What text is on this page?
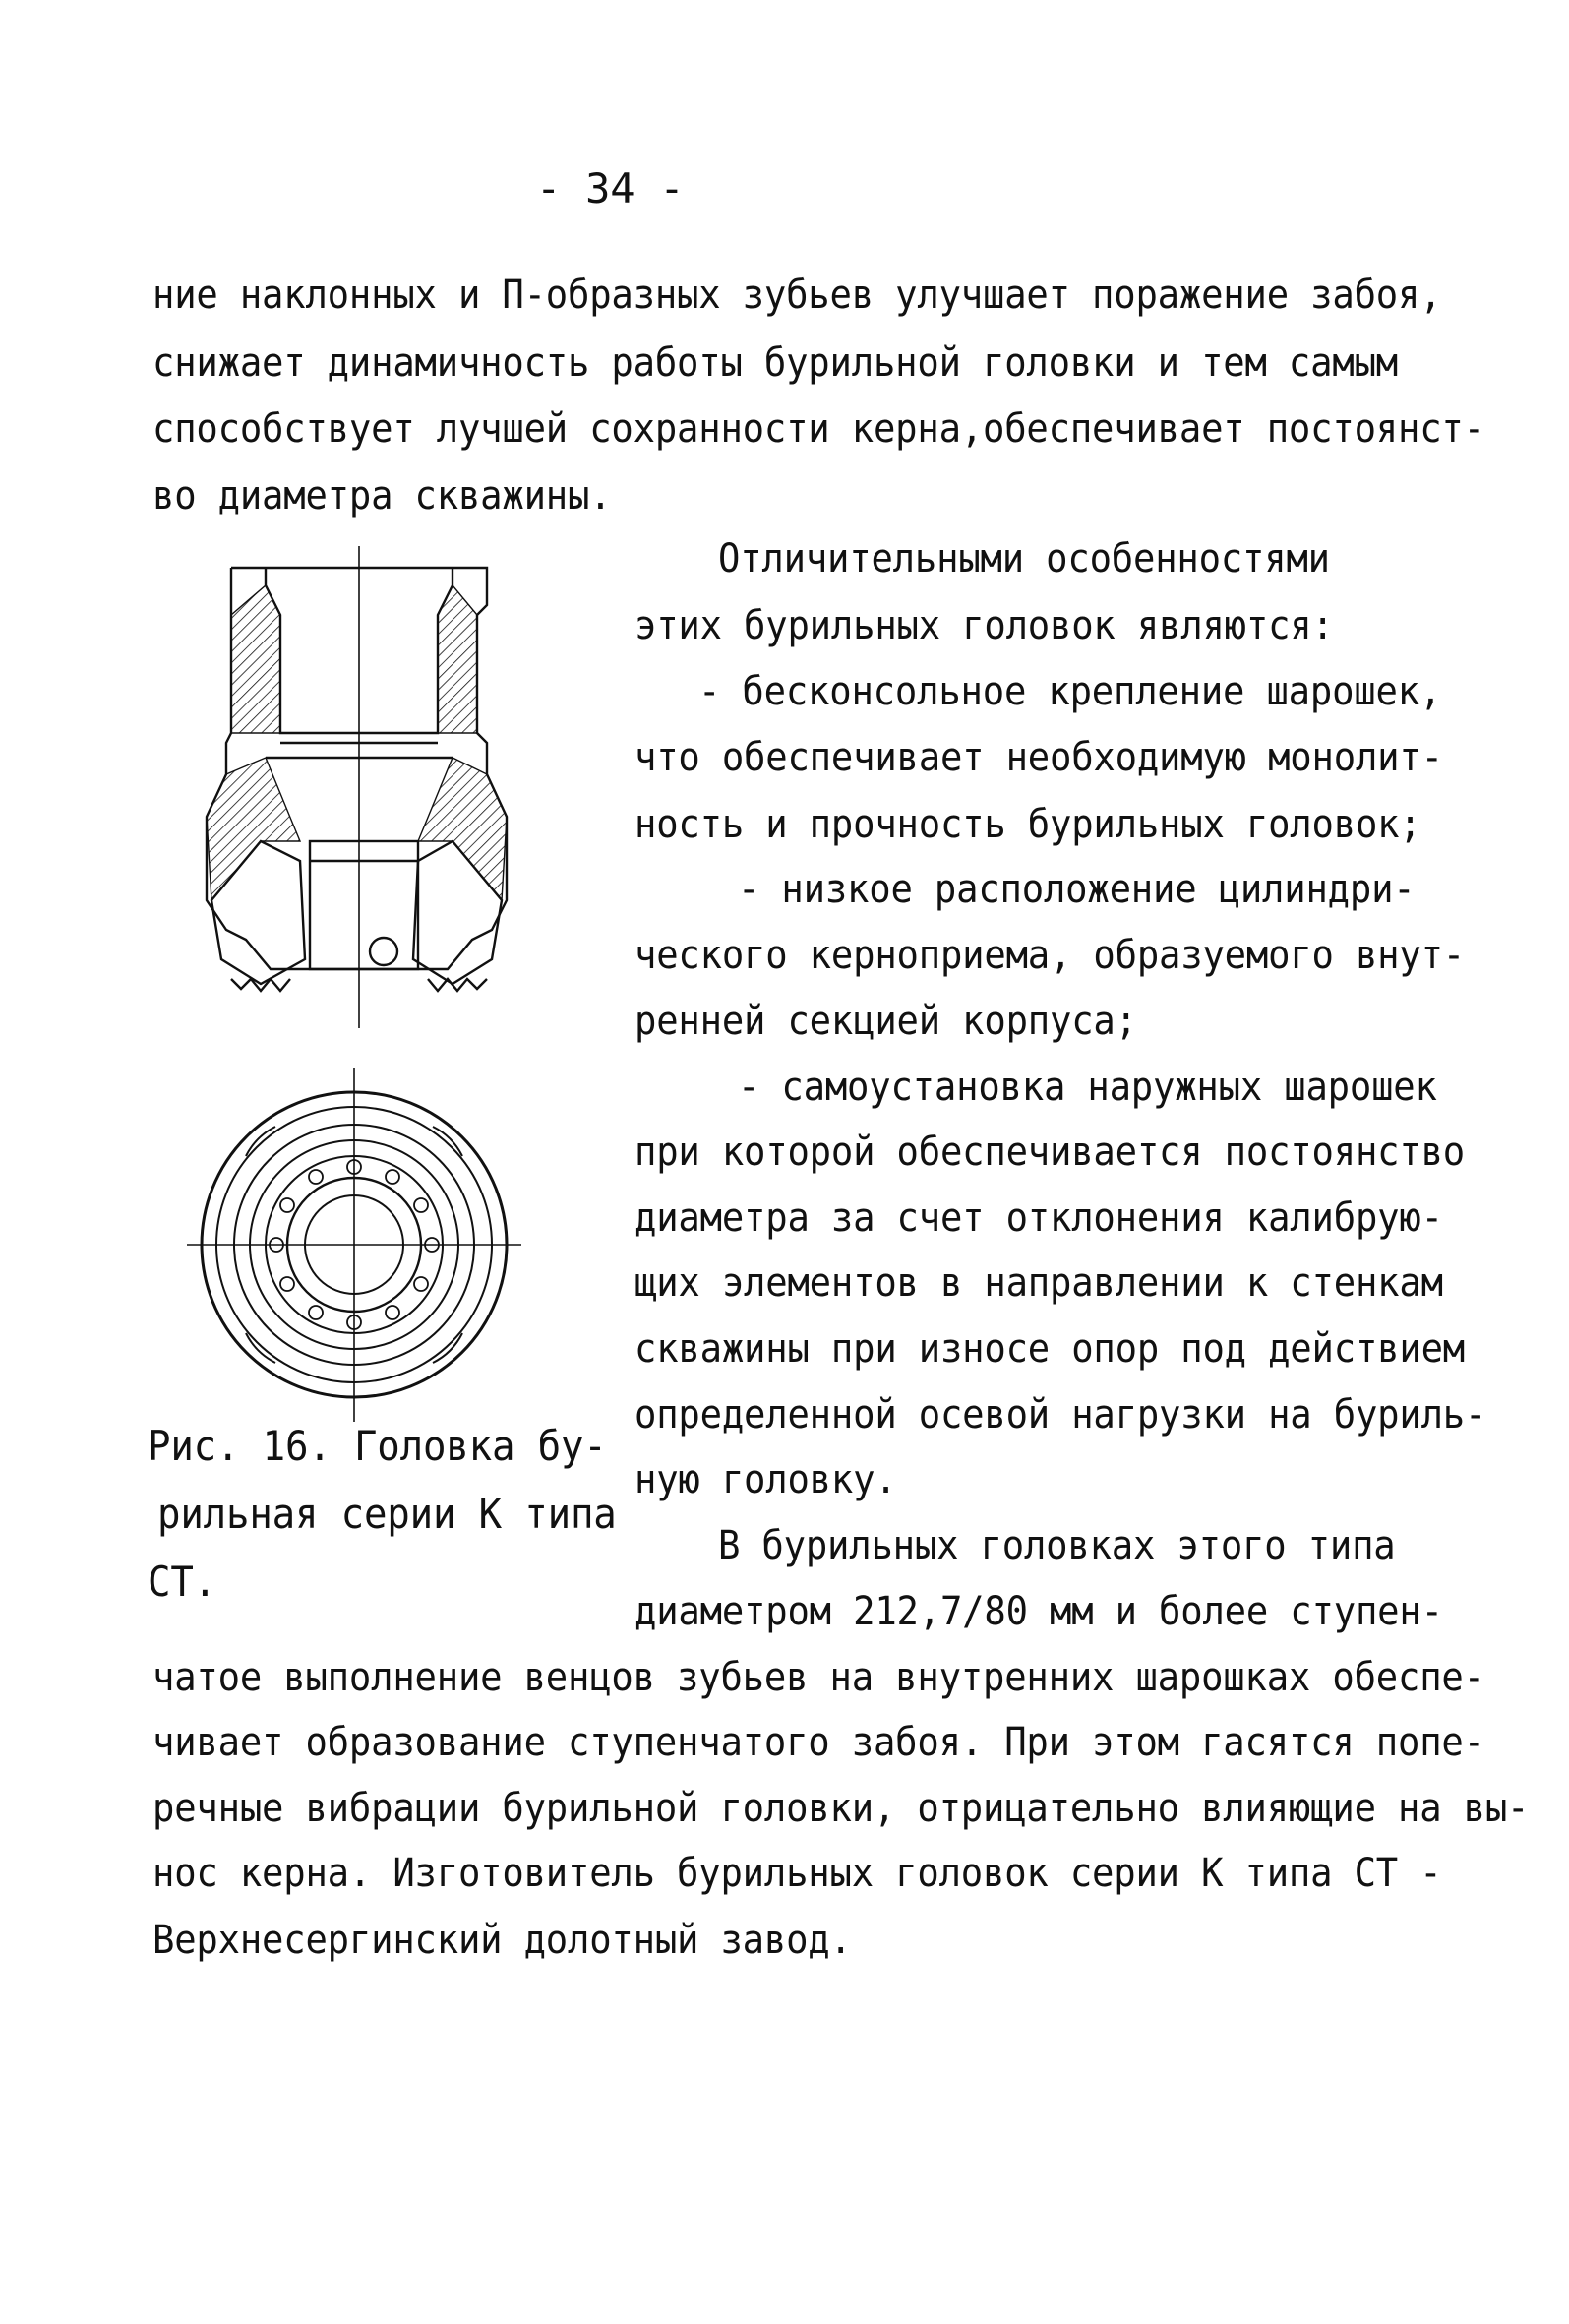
- 34 -
ние наклонных и П-образных зубьев улучшает поражение забоя,
снижает динамичность работы бурильной головки и тем самым
способствует лучшей сохранности керна,обеспечивает постоянст-
во диаметра скважины.
Отличительными особенностями
этих бурильных головок являются:
- бесконсольное крепление шарошек,
что обеспечивает необходимую монолит-
ность и прочность бурильных головок;
- низкое расположение цилиндри-
ческого керноприема, образуемого внут-
ренней секцией корпуса;
- самоустановка наружных шарошек
при которой обеспечивается постоянство
диаметра за счет отклонения калибрую-
щих элементов в направлении к стенкам
скважины при износе опор под действием
определенной осевой нагрузки на буриль-
ную головку.
В бурильных головках этого типа
диаметром 212,7/80 мм и более ступен-
чатое выполнение венцов зубьев на внутренних шарошках обеспе-
чивает образование ступенчатого забоя. При этом гасятся попе-
речные вибрации бурильной головки, отрицательно влияющие на вы-
нос керна. Изготовитель бурильных головок серии К типа СТ -
Верхнесергинский долотный завод.
Рис. 16. Головка бу-
рильная серии К типа
СТ.
